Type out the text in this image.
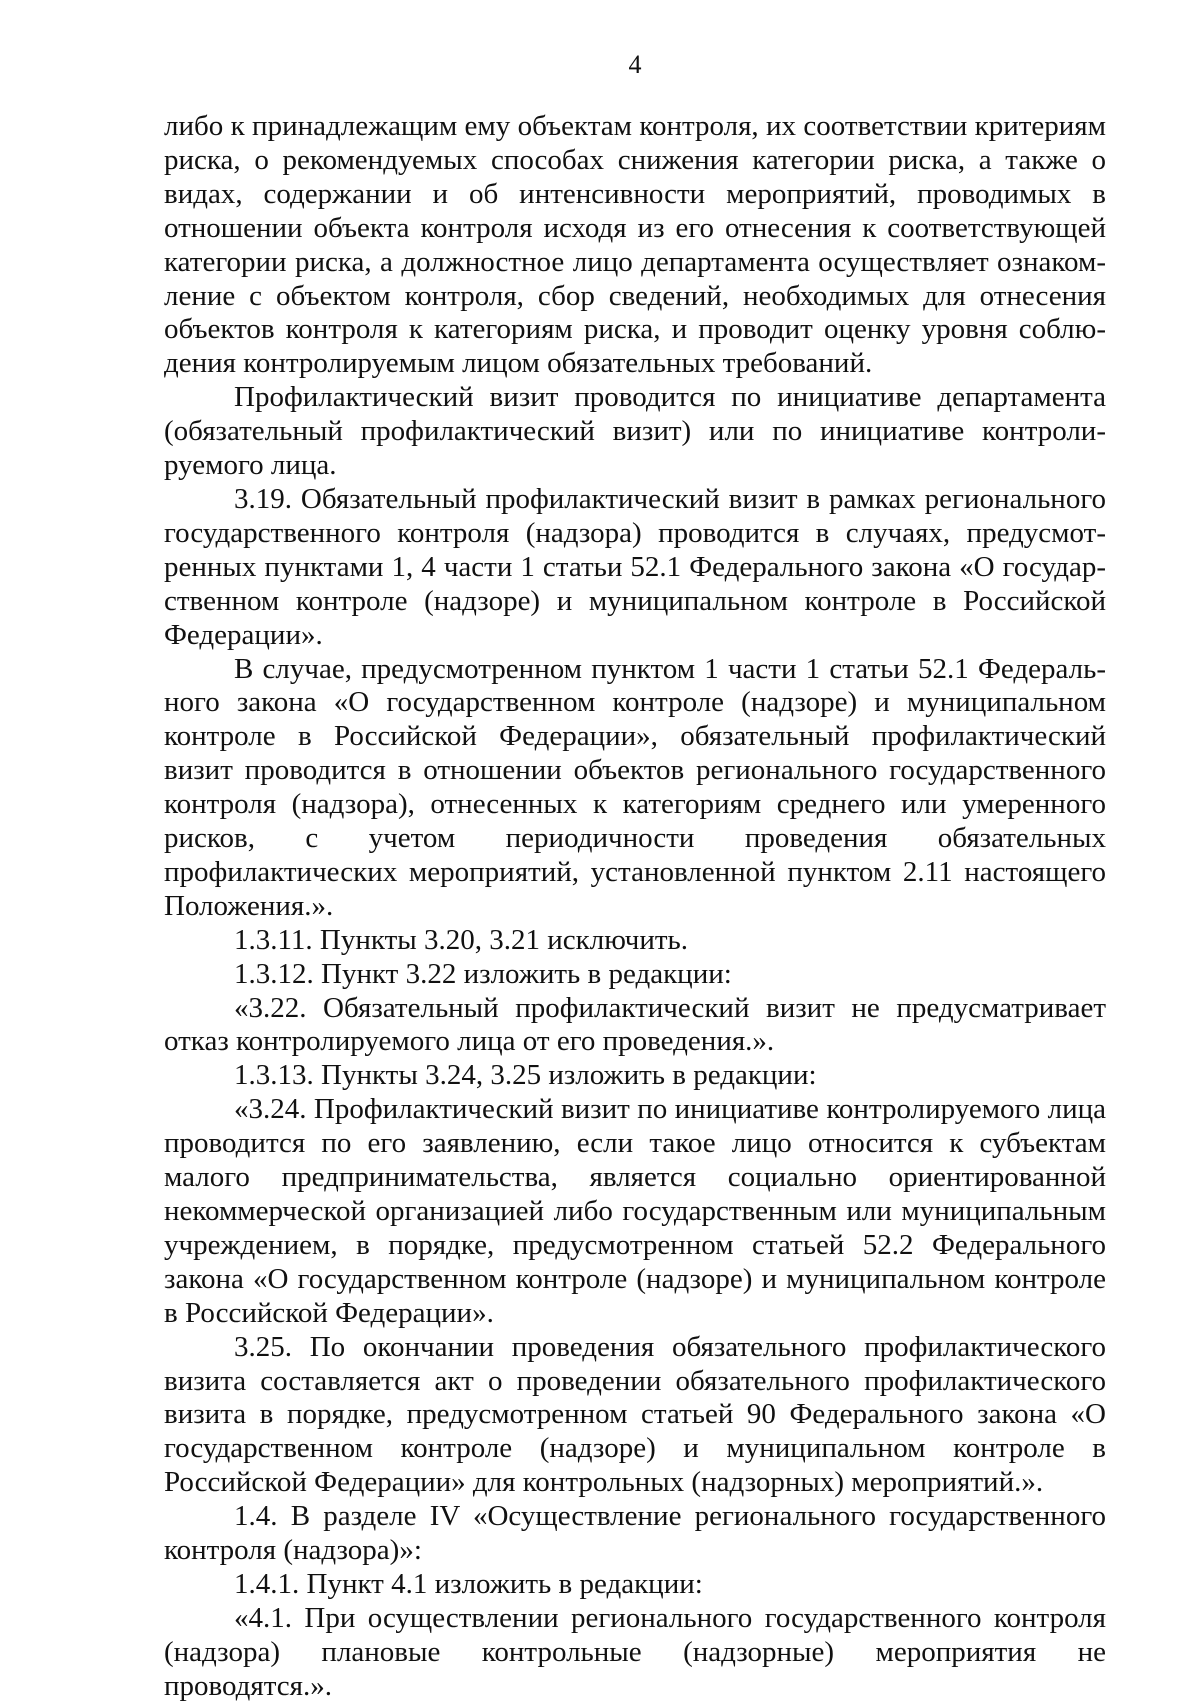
4

либо к принадлежащим ему объектам контроля, их соответствии критериям риска, о рекомендуемых способах снижения категории риска, а также о видах, содержании и об интенсивности мероприятий, проводимых в отношении объекта контроля исходя из его отнесения к соответствующей категории риска, а должностное лицо департамента осуществляет ознакомление с объектом контроля, сбор сведений, необходимых для отнесения объектов контроля к категориям риска, и проводит оценку уровня соблюдения контролируемым лицом обязательных требований.

Профилактический визит проводится по инициативе департамента (обязательный профилактический визит) или по инициативе контролируемого лица.

3.19. Обязательный профилактический визит в рамках регионального государственного контроля (надзора) проводится в случаях, предусмотренных пунктами 1, 4 части 1 статьи 52.1 Федерального закона «О государственном контроле (надзоре) и муниципальном контроле в Российской Федерации».

В случае, предусмотренном пунктом 1 части 1 статьи 52.1 Федерального закона «О государственном контроле (надзоре) и муниципальном контроле в Российской Федерации», обязательный профилактический визит проводится в отношении объектов регионального государственного контроля (надзора), отнесенных к категориям среднего или умеренного рисков, с учетом периодичности проведения обязательных профилактических мероприятий, установленной пунктом 2.11 настоящего Положения.».

1.3.11. Пункты 3.20, 3.21 исключить.

1.3.12. Пункт 3.22 изложить в редакции:

«3.22. Обязательный профилактический визит не предусматривает отказ контролируемого лица от его проведения.».

1.3.13. Пункты 3.24, 3.25 изложить в редакции:

«3.24. Профилактический визит по инициативе контролируемого лица проводится по его заявлению, если такое лицо относится к субъектам малого предпринимательства, является социально ориентированной некоммерческой организацией либо государственным или муниципальным учреждением, в порядке, предусмотренном статьей 52.2 Федерального закона «О государственном контроле (надзоре) и муниципальном контроле в Российской Федерации».

3.25. По окончании проведения обязательного профилактического визита составляется акт о проведении обязательного профилактического визита в порядке, предусмотренном статьей 90 Федерального закона «О государственном контроле (надзоре) и муниципальном контроле в Российской Федерации» для контрольных (надзорных) мероприятий.».

1.4. В разделе IV «Осуществление регионального государственного контроля (надзора)»:

1.4.1. Пункт 4.1 изложить в редакции:

«4.1. При осуществлении регионального государственного контроля (надзора) плановые контрольные (надзорные) мероприятия не проводятся.».
